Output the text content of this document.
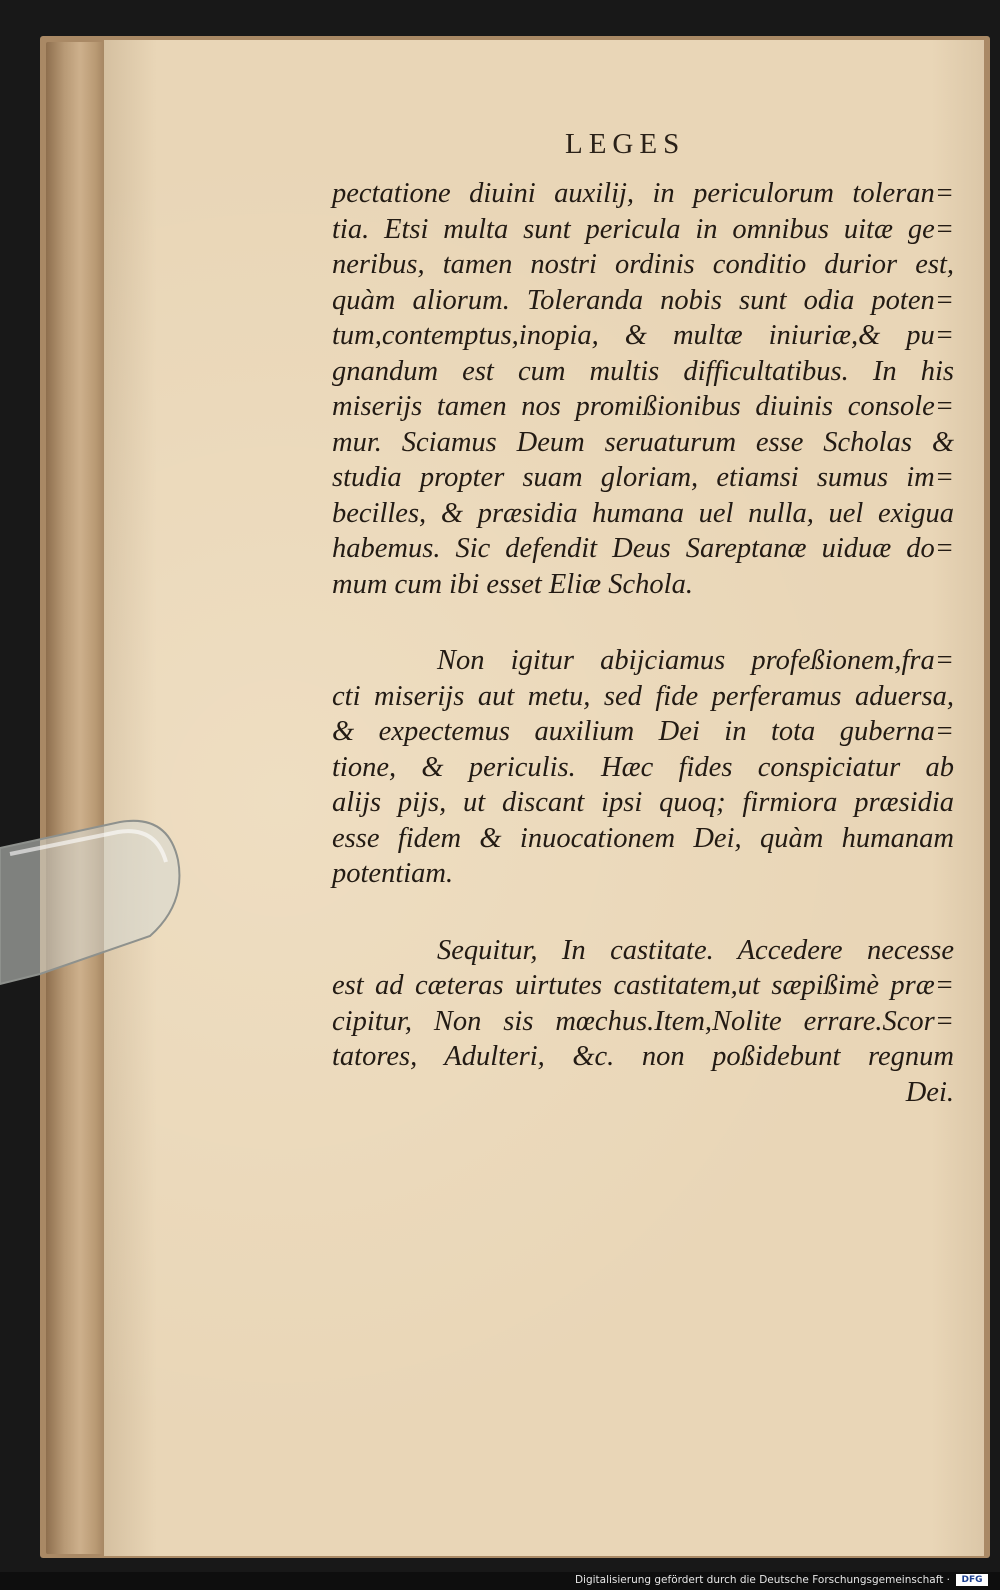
LEGES
pectatione diuini auxilij, in periculorum toleran=
tia. Etsi multa sunt pericula in omnibus uitæ ge=
neribus, tamen nostri ordinis conditio durior est,
quàm aliorum. Toleranda nobis sunt odia poten=
tum,contemptus,inopia, & multæ iniuriæ,& pu=
gnandum est cum multis difficultatibus. In his
miserijs tamen nos promißionibus diuinis console=
mur. Sciamus Deum seruaturum esse Scholas &
studia propter suam gloriam, etiamsi sumus im=
becilles, & præsidia humana uel nulla, uel exigua
habemus. Sic defendit Deus Sareptanæ uiduæ do=
mum cum ibi esset Eliæ Schola.
Non igitur abijciamus profeßionem,fra=
cti miserijs aut metu, sed fide perferamus aduersa,
& expectemus auxilium Dei in tota guberna=
tione, & periculis. Hæc fides conspiciatur ab
alijs pijs, ut discant ipsi quoq; firmiora præsidia
esse fidem & inuocationem Dei, quàm humanam
potentiam.
Sequitur, In castitate. Accedere necesse
est ad cæteras uirtutes castitatem,ut sæpißimè præ=
cipitur, Non sis mœchus.Item,Nolite errare.Scor=
tatores, Adulteri, &c. non poßidebunt regnum
Dei.
Digitalisierung gefördert durch die Deutsche Forschungsgemeinschaft ·	DFG
